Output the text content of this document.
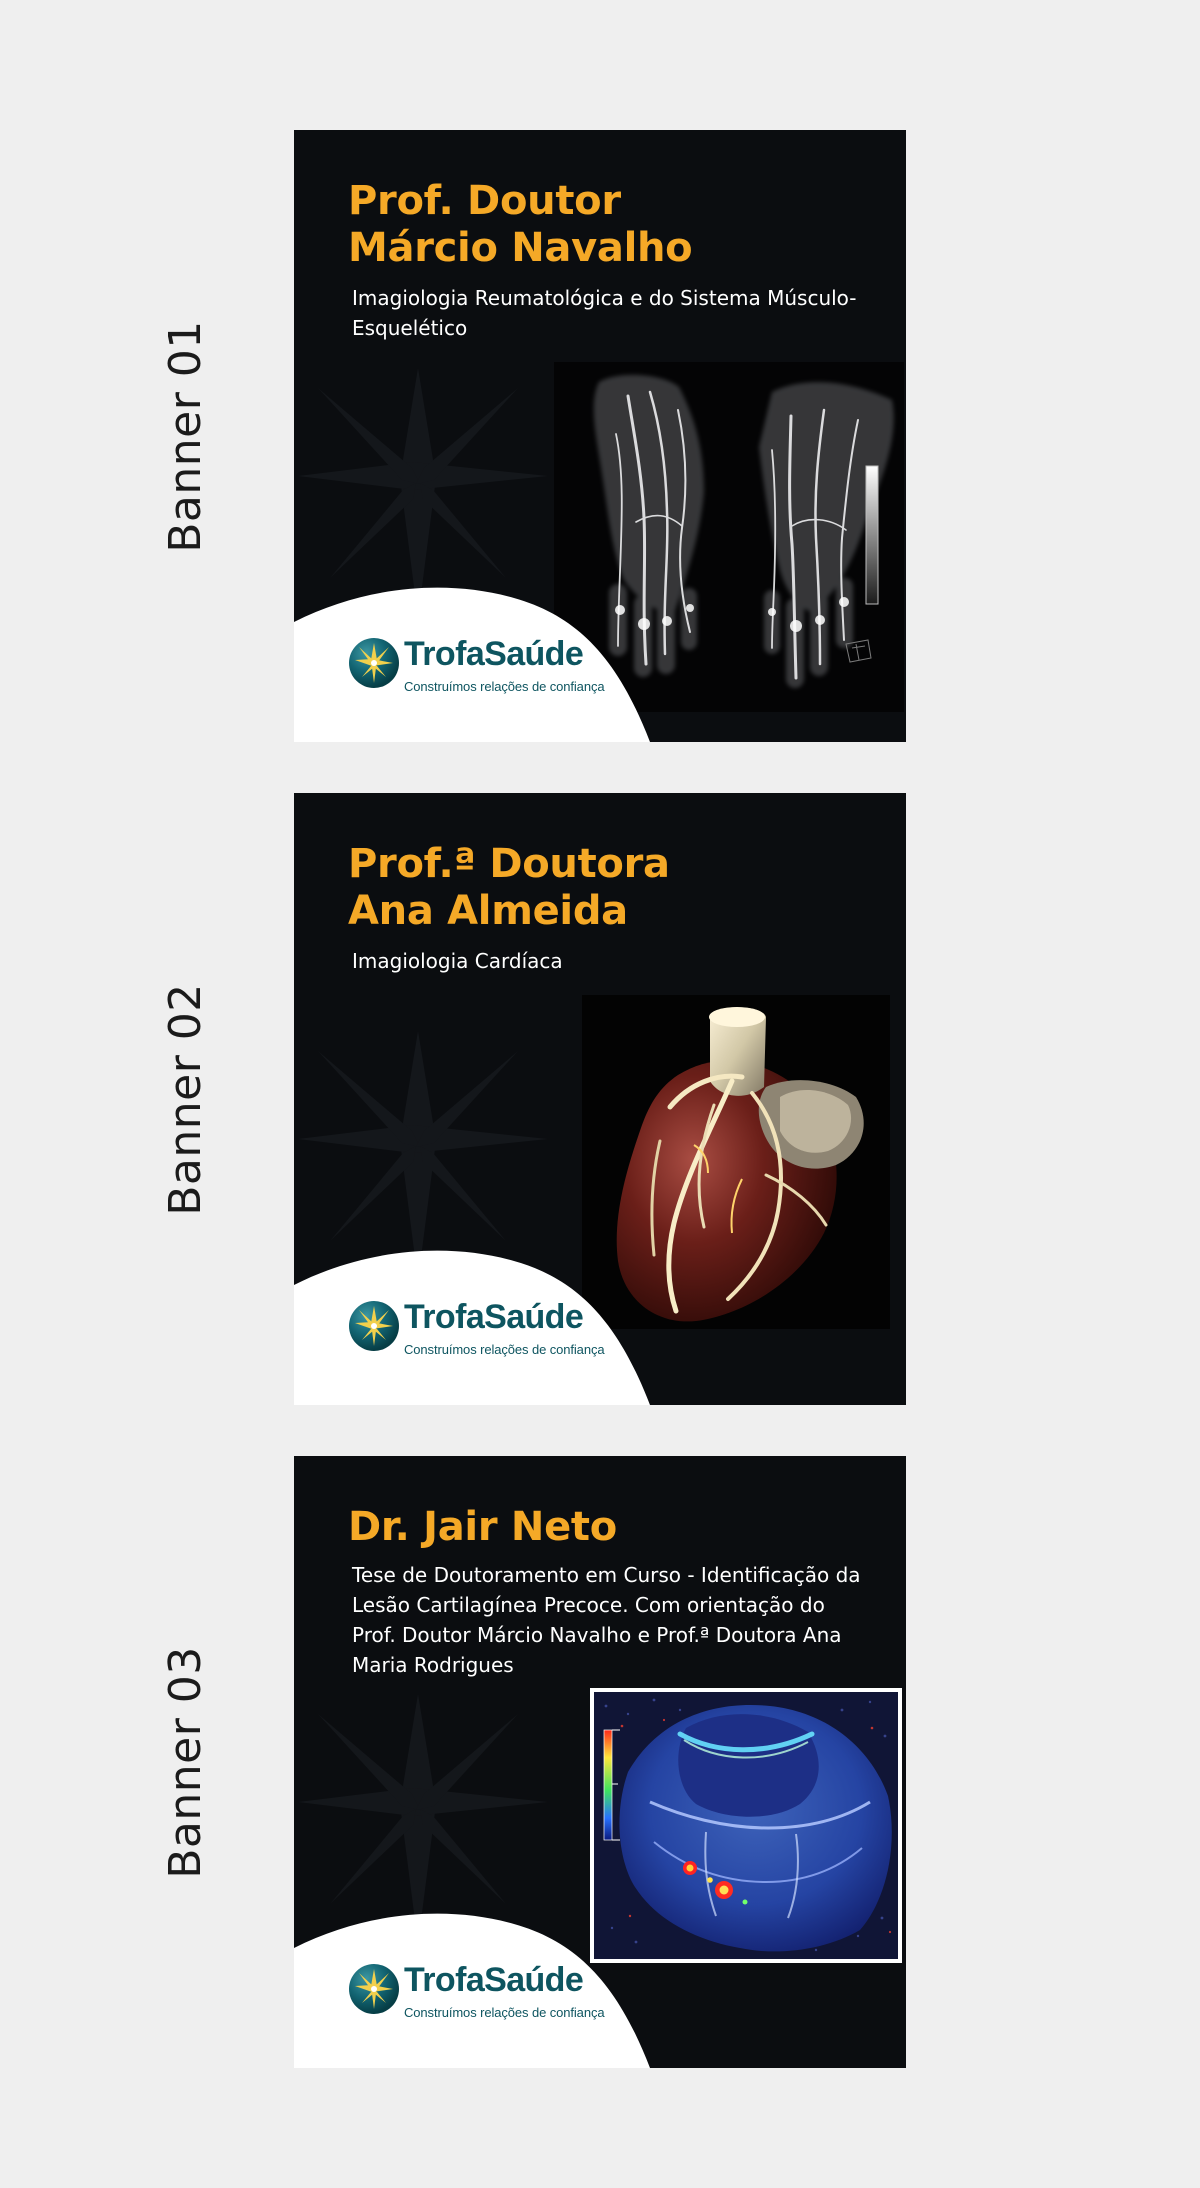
Banner 01
Prof. Doutor
Márcio Navalho

Imagiologia Reumatológica e do Sistema Músculo-Esquelético

TrofaSaúde
Construímos relações de confiança
Banner 02
Prof.ª Doutora
Ana Almeida

Imagiologia Cardíaca

TrofaSaúde
Construímos relações de confiança
Banner 03
Dr. Jair Neto

Tese de Doutoramento em Curso - Identificação da Lesão Cartilagínea Precoce. Com orientação do Prof. Doutor Márcio Navalho e Prof.ª Doutora Ana Maria Rodrigues

TrofaSaúde
Construímos relações de confiança
